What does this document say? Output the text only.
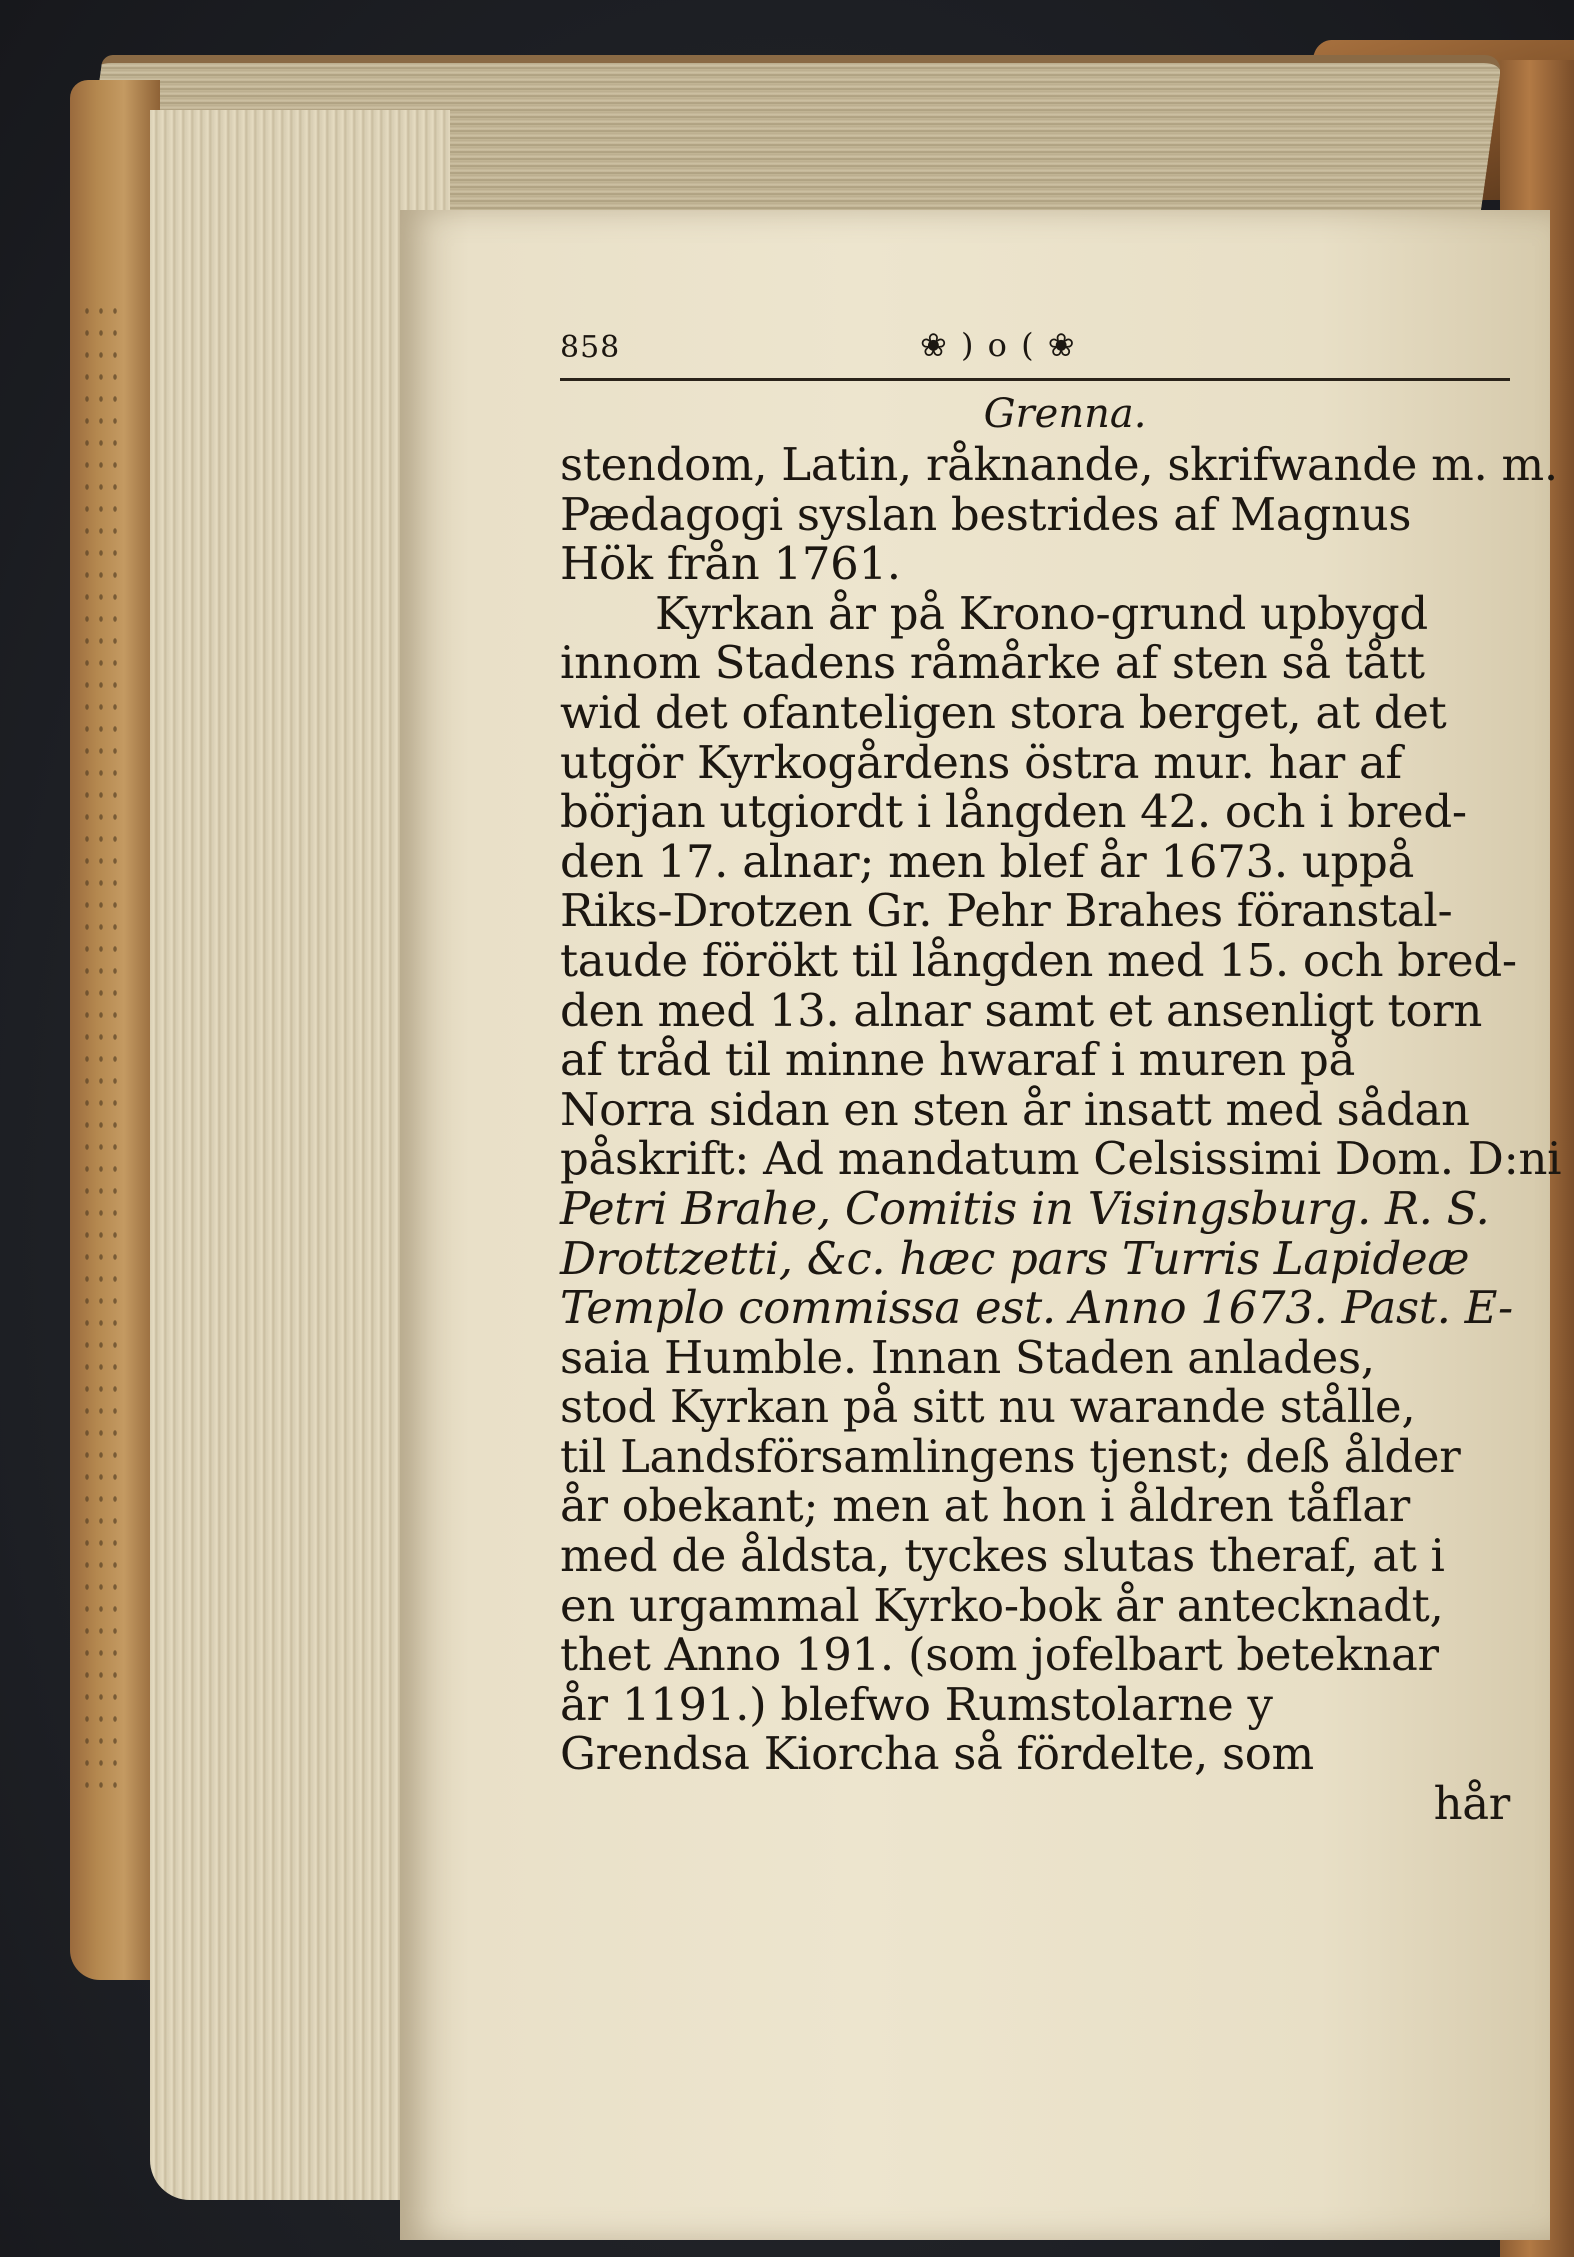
858	❀ ) o ( ❀
Grenna.
stendom, Latin, råknande, skrifwande m. m.
Pædagogi syslan bestrides af Magnus
Hök från 1761.
Kyrkan år på Krono-grund upbygd
innom Stadens råmårke af sten så tått
wid det ofanteligen stora berget, at det
utgör Kyrkogårdens östra mur. har af
början utgiordt i långden 42. och i bred-
den 17. alnar; men blef år 1673. uppå
Riks-Drotzen Gr. Pehr Brahes föranstal-
taude förökt til långden med 15. och bred-
den med 13. alnar samt et ansenligt torn
af tråd til minne hwaraf i muren på
Norra sidan en sten år insatt med sådan
påskrift: Ad mandatum Celsissimi Dom. D:ni
Petri Brahe, Comitis in Visingsburg. R. S.
Drottzetti, &c. hæc pars Turris Lapideæ
Templo commissa est. Anno 1673. Past. E-
saia Humble. Innan Staden anlades,
stod Kyrkan på sitt nu warande stålle,
til Landsförsamlingens tjenst; deß ålder
år obekant; men at hon i åldren tåflar
med de åldsta, tyckes slutas theraf, at i
en urgammal Kyrko-bok år antecknadt,
thet Anno 191. (som jofelbart beteknar
år 1191.) blefwo Rumstolarne y
Grendsa Kiorcha så fördelte, som
hår
